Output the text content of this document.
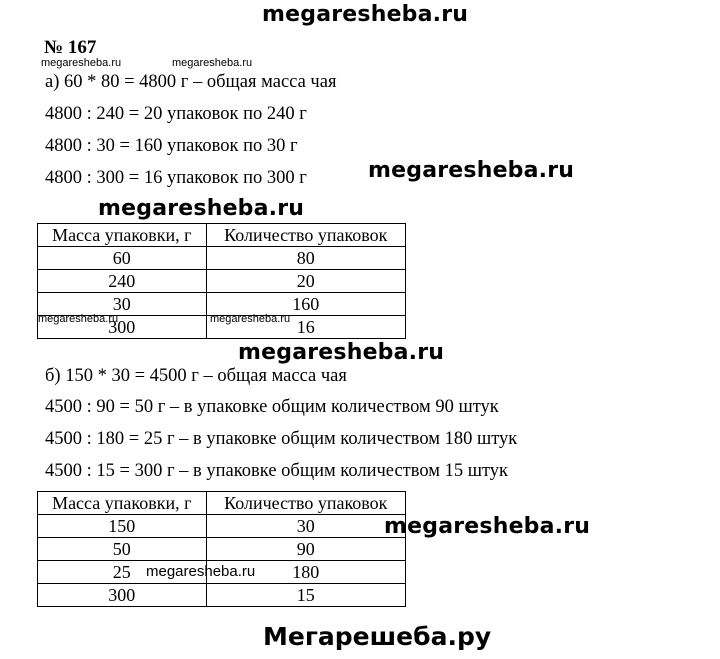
megaresheba.ru
№ 167
megaresheba.ru	megaresheba.ru
а) 60 * 80 = 4800 г – общая масса чая
4800 : 240 = 20 упаковок по 240 г
4800 : 30 = 160 упаковок по 30 г
4800 : 300 = 16 упаковок по 300 г	megaresheba.ru
megaresheba.ru
Масса упаковки, г	Количество упаковок
60	80
240	20
30	160
300	16
megaresheba.ru	megaresheba.ru
megaresheba.ru
б) 150 * 30 = 4500 г – общая масса чая
4500 : 90 = 50 г – в упаковке общим количеством 90 штук
4500 : 180 = 25 г – в упаковке общим количеством 180 штук
4500 : 15 = 300 г – в упаковке общим количеством 15 штук
Масса упаковки, г	Количество упаковок
150	30
50	90
25	180
300	15
megaresheba.ru
megaresheba.ru
Мегарешеба.ру
